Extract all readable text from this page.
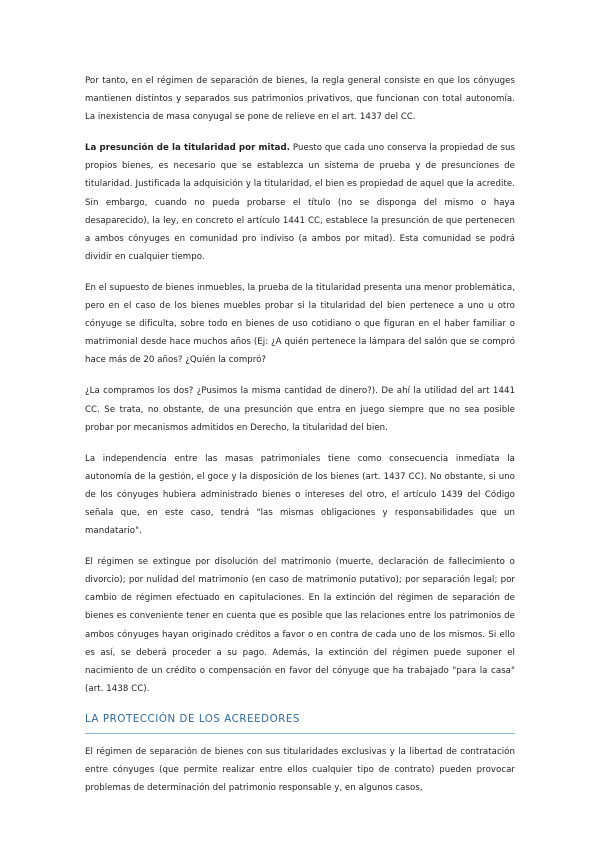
Por tanto, en el régimen de separación de bienes, la regla general consiste en que los cónyuges mantienen distintos y separados sus patrimonios privativos, que funcionan con total autonomía. La inexistencia de masa conyugal se pone de relieve en el art. 1437 del CC.

La presunción de la titularidad por mitad. Puesto que cada uno conserva la propiedad de sus propios bienes, es necesario que se establezca un sistema de prueba y de presunciones de titularidad. Justificada la adquisición y la titularidad, el bien es propiedad de aquel que la acredite. Sin embargo, cuando no pueda probarse el título (no se disponga del mismo o haya desaparecido), la ley, en concreto el artículo 1441 CC, establece la presunción de que pertenecen a ambos cónyuges en comunidad pro indiviso (a ambos por mitad). Esta comunidad se podrá dividir en cualquier tiempo.

En el supuesto de bienes inmuebles, la prueba de la titularidad presenta una menor problemática, pero en el caso de los bienes muebles probar si la titularidad del bien pertenece a uno u otro cónyuge se dificulta, sobre todo en bienes de uso cotidiano o que figuran en el haber familiar o matrimonial desde hace muchos años (Ej: ¿A quién pertenece la lámpara del salón que se compró hace más de 20 años? ¿Quién la compró?

¿La compramos los dos? ¿Pusimos la misma cantidad de dinero?). De ahí la utilidad del art 1441 CC. Se trata, no obstante, de una presunción que entra en juego siempre que no sea posible probar por mecanismos admitidos en Derecho, la titularidad del bien.

La independencia entre las masas patrimoniales tiene como consecuencia inmediata la autonomía de la gestión, el goce y la disposición de los bienes (art. 1437 CC). No obstante, si uno de los cónyuges hubiera administrado bienes o intereses del otro, el artículo 1439 del Código señala que, en este caso, tendrá "las mismas obligaciones y responsabilidades que un mandatario".

El régimen se extingue por disolución del matrimonio (muerte, declaración de fallecimiento o divorcio); por nulidad del matrimonio (en caso de matrimonio putativo); por separación legal; por cambio de régimen efectuado en capitulaciones. En la extinción del régimen de separación de bienes es conveniente tener en cuenta que es posible que las relaciones entre los patrimonios de ambos cónyuges hayan originado créditos a favor o en contra de cada uno de los mismos. Si ello es así, se deberá proceder a su pago. Además, la extinción del régimen puede suponer el nacimiento de un crédito o compensación en favor del cónyuge que ha trabajado "para la casa" (art. 1438 CC).

LA PROTECCIÓN DE LOS ACREEDORES

El régimen de separación de bienes con sus titularidades exclusivas y la libertad de contratación entre cónyuges (que permite realizar entre ellos cualquier tipo de contrato) pueden provocar problemas de determinación del patrimonio responsable y, en algunos casos,
